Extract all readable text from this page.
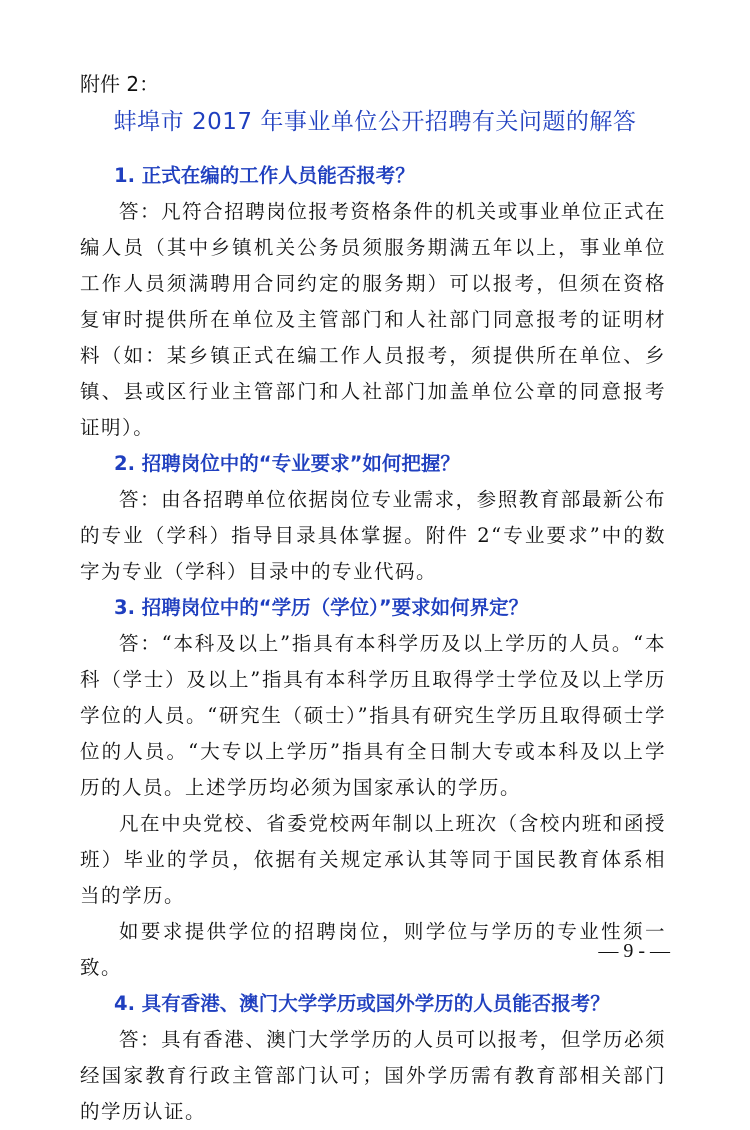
附件 2：
蚌埠市 2017 年事业单位公开招聘有关问题的解答

1. 正式在编的工作人员能否报考？

答：凡符合招聘岗位报考资格条件的机关或事业单位正式在编人员（其中乡镇机关公务员须服务期满五年以上，事业单位工作人员须满聘用合同约定的服务期）可以报考，但须在资格复审时提供所在单位及主管部门和人社部门同意报考的证明材料（如：某乡镇正式在编工作人员报考，须提供所在单位、乡镇、县或区行业主管部门和人社部门加盖单位公章的同意报考证明）。

2. 招聘岗位中的“专业要求”如何把握？

答：由各招聘单位依据岗位专业需求，参照教育部最新公布的专业（学科）指导目录具体掌握。附件 2“专业要求”中的数字为专业（学科）目录中的专业代码。

3. 招聘岗位中的“学历（学位）”要求如何界定？

答：“本科及以上”指具有本科学历及以上学历的人员。“本科（学士）及以上”指具有本科学历且取得学士学位及以上学历学位的人员。“研究生（硕士）”指具有研究生学历且取得硕士学位的人员。“大专以上学历”指具有全日制大专或本科及以上学历的人员。上述学历均必须为国家承认的学历。

凡在中央党校、省委党校两年制以上班次（含校内班和函授班）毕业的学员，依据有关规定承认其等同于国民教育体系相当的学历。

如要求提供学位的招聘岗位，则学位与学历的专业性须一致。

4. 具有香港、澳门大学学历或国外学历的人员能否报考？

答：具有香港、澳门大学学历的人员可以报考，但学历必须经国家教育行政主管部门认可；国外学历需有教育部相关部门的学历认证。

— 9 - —
